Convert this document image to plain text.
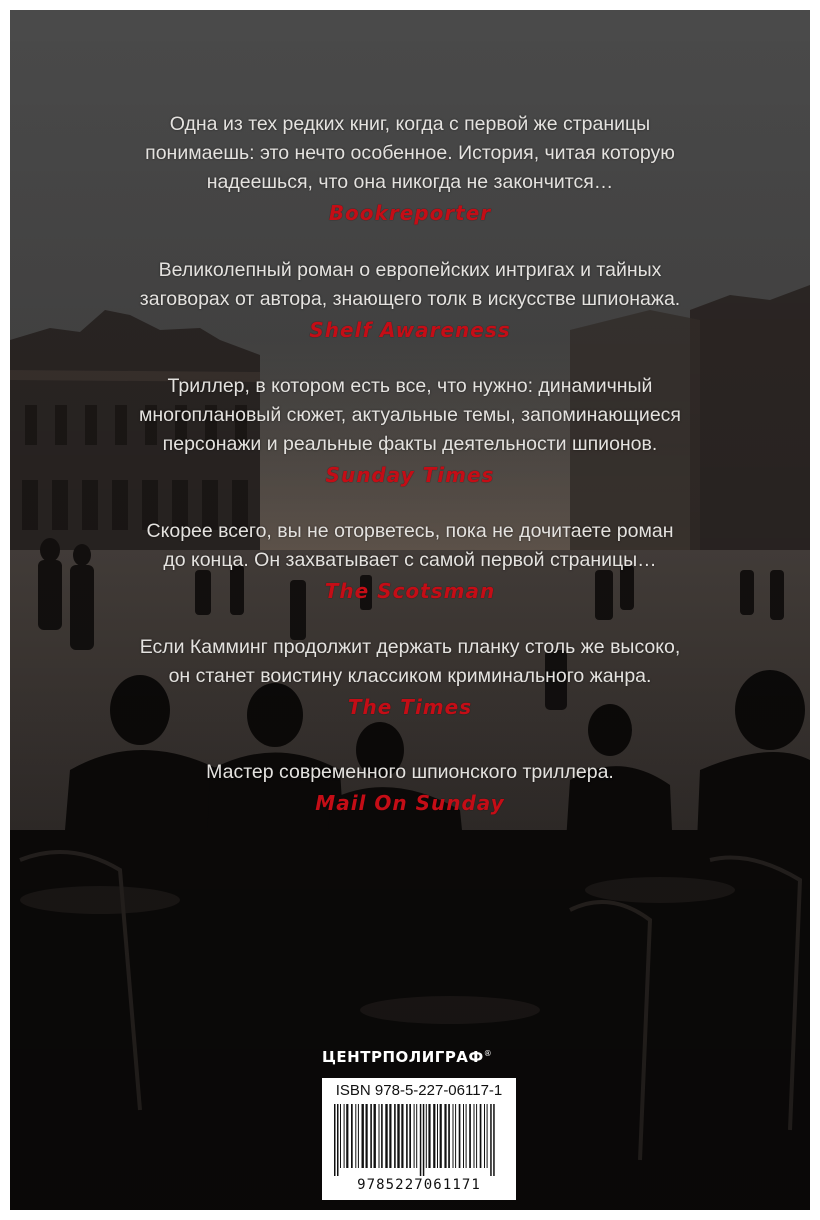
Одна из тех редких книг, когда с первой же страницы
понимаешь: это нечто особенное. История, читая которую
надеешься, что она никогда не закончится…
Bookreporter
Великолепный роман о европейских интригах и тайных
заговорах от автора, знающего толк в искусстве шпионажа.
Shelf Awareness
Триллер, в котором есть все, что нужно: динамичный
многоплановый сюжет, актуальные темы, запоминающиеся
персонажи и реальные факты деятельности шпионов.
Sunday Times
Скорее всего, вы не оторветесь, пока не дочитаете роман
до конца. Он захватывает с самой первой страницы…
The Scotsman
Если Камминг продолжит держать планку столь же высоко,
он станет воистину классиком криминального жанра.
The Times
Мастер современного шпионского триллера.
Mail On Sunday
ЦЕНТРПОЛИГРАФ®
ISBN 978-5-227-06117-1
9785227061171
